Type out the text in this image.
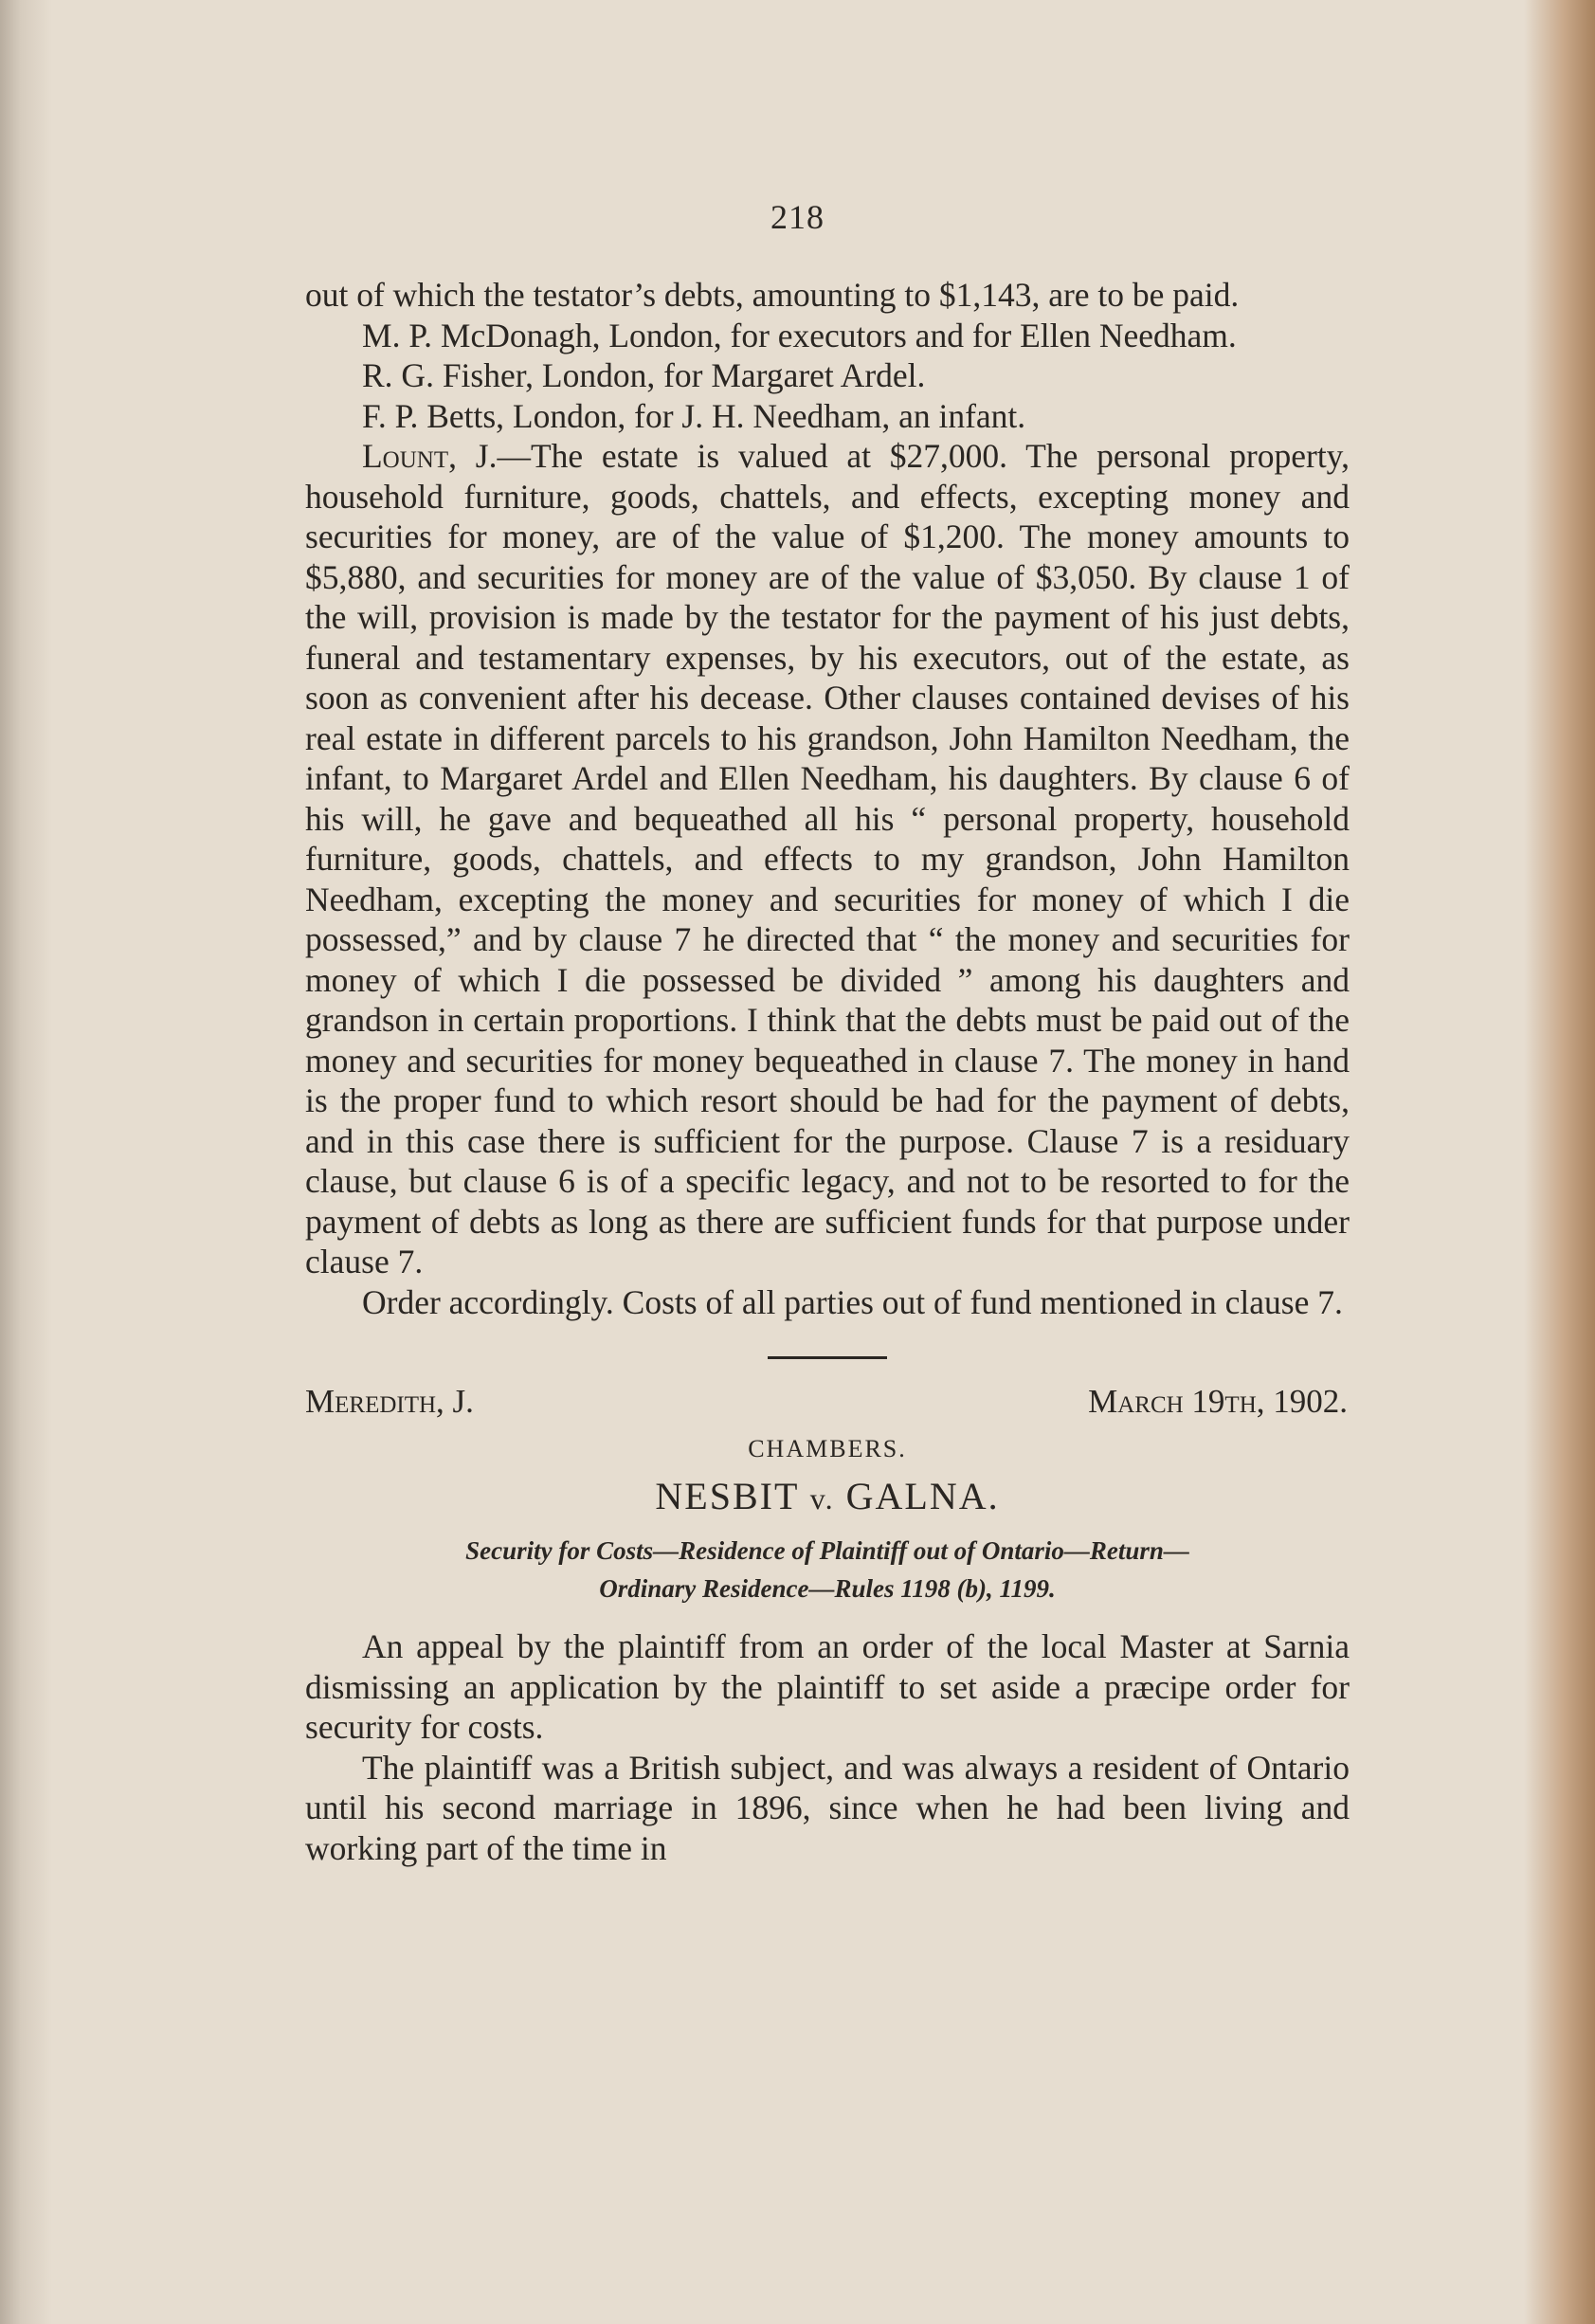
218

out of which the testator’s debts, amounting to $1,143, are to be paid.

M. P. McDonagh, London, for executors and for Ellen Needham.

R. G. Fisher, London, for Margaret Ardel.

F. P. Betts, London, for J. H. Needham, an infant.

Lount, J.—The estate is valued at $27,000. The personal property, household furniture, goods, chattels, and effects, excepting money and securities for money, are of the value of $1,200. The money amounts to $5,880, and securities for money are of the value of $3,050. By clause 1 of the will, provision is made by the testator for the payment of his just debts, funeral and testamentary expenses, by his executors, out of the estate, as soon as convenient after his decease. Other clauses contained devises of his real estate in different parcels to his grandson, John Hamilton Needham, the infant, to Margaret Ardel and Ellen Needham, his daughters. By clause 6 of his will, he gave and bequeathed all his “ personal property, household furniture, goods, chattels, and effects to my grandson, John Hamilton Needham, excepting the money and securities for money of which I die possessed,” and by clause 7 he directed that “ the money and securities for money of which I die possessed be divided ” among his daughters and grandson in certain proportions. I think that the debts must be paid out of the money and securities for money bequeathed in clause 7. The money in hand is the proper fund to which resort should be had for the payment of debts, and in this case there is sufficient for the purpose. Clause 7 is a residuary clause, but clause 6 is of a specific legacy, and not to be resorted to for the payment of debts as long as there are sufficient funds for that purpose under clause 7.

Order accordingly. Costs of all parties out of fund mentioned in clause 7.

Meredith, J.	March 19th, 1902.
CHAMBERS.
NESBIT v. GALNA.
Security for Costs—Residence of Plaintiff out of Ontario—Return—
Ordinary Residence—Rules 1198 (b), 1199.

An appeal by the plaintiff from an order of the local Master at Sarnia dismissing an application by the plaintiff to set aside a præcipe order for security for costs.

The plaintiff was a British subject, and was always a resident of Ontario until his second marriage in 1896, since when he had been living and working part of the time in
